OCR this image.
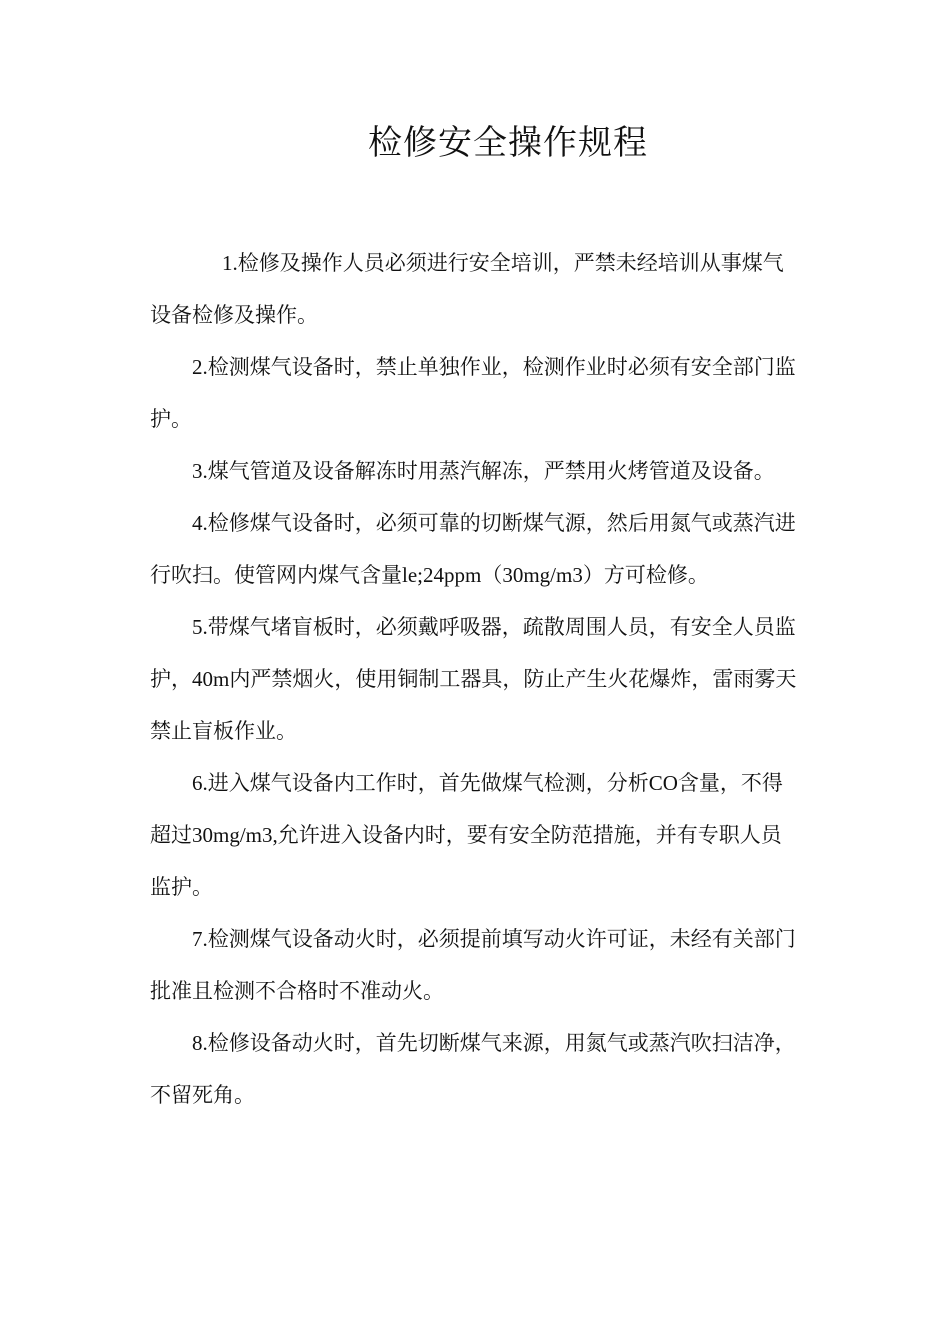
检修安全操作规程

1.检修及操作人员必须进行安全培训，严禁未经培训从事煤气设备检修及操作。

2.检测煤气设备时，禁止单独作业，检测作业时必须有安全部门监护。

3.煤气管道及设备解冻时用蒸汽解冻，严禁用火烤管道及设备。

4.检修煤气设备时，必须可靠的切断煤气源，然后用氮气或蒸汽进行吹扫。使管网内煤气含量le;24ppm（30mg/m3）方可检修。

5.带煤气堵盲板时，必须戴呼吸器，疏散周围人员，有安全人员监护，40m内严禁烟火，使用铜制工器具，防止产生火花爆炸，雷雨雾天禁止盲板作业。

6.进入煤气设备内工作时，首先做煤气检测，分析CO含量，不得超过30mg/m3,允许进入设备内时，要有安全防范措施，并有专职人员监护。

7.检测煤气设备动火时，必须提前填写动火许可证，未经有关部门批准且检测不合格时不准动火。

8.检修设备动火时，首先切断煤气来源，用氮气或蒸汽吹扫洁净，不留死角。
